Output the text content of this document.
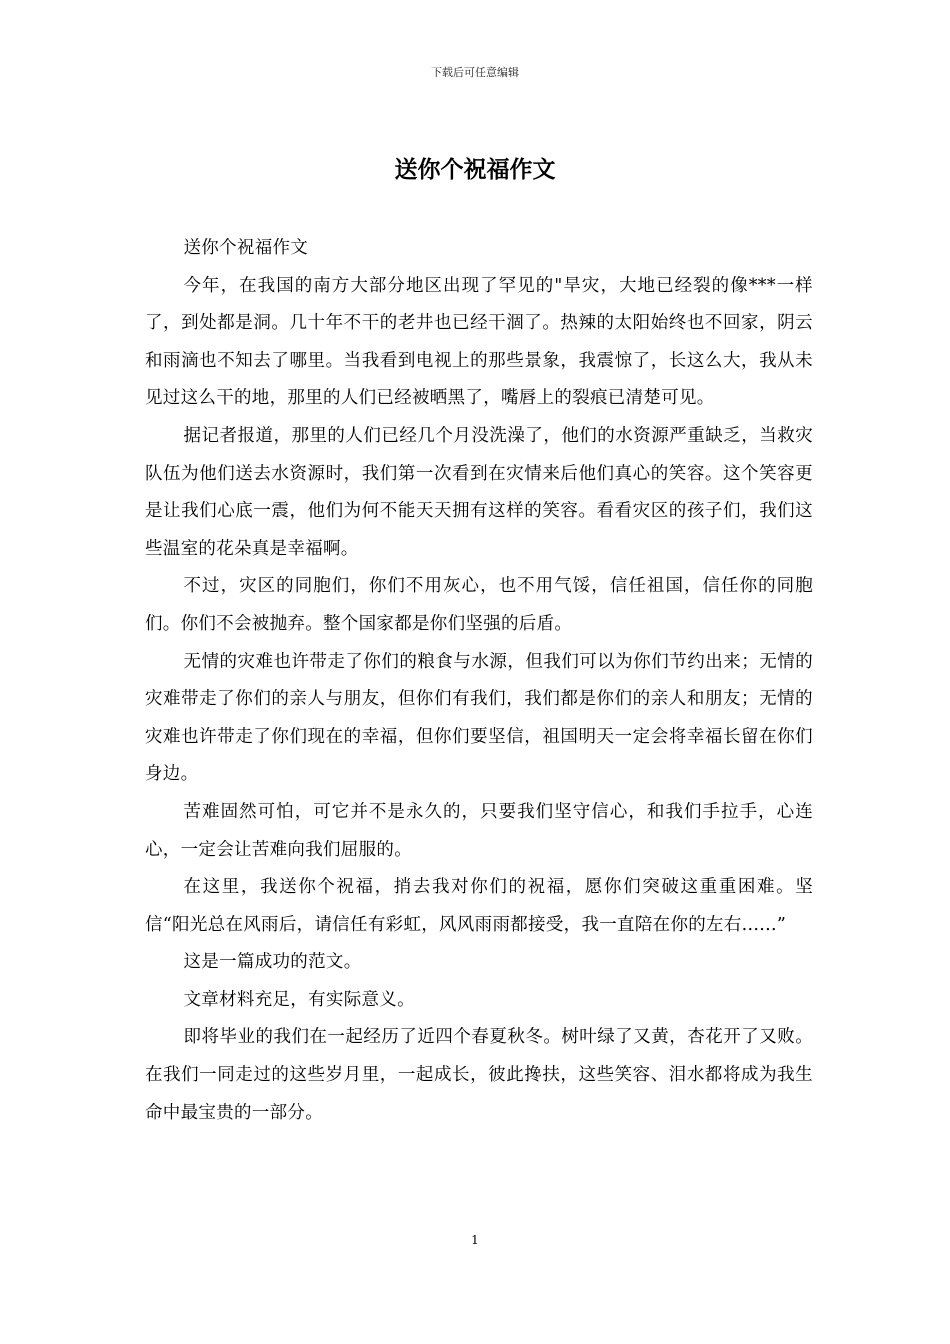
下载后可任意编辑
送你个祝福作文

送你个祝福作文

今年，在我国的南方大部分地区出现了罕见的"旱灾，大地已经裂的像***一样了，到处都是洞。几十年不干的老井也已经干涸了。热辣的太阳始终也不回家，阴云和雨滴也不知去了哪里。当我看到电视上的那些景象，我震惊了，长这么大，我从未见过这么干的地，那里的人们已经被晒黑了，嘴唇上的裂痕已清楚可见。

据记者报道，那里的人们已经几个月没洗澡了，他们的水资源严重缺乏，当救灾队伍为他们送去水资源时，我们第一次看到在灾情来后他们真心的笑容。这个笑容更是让我们心底一震，他们为何不能天天拥有这样的笑容。看看灾区的孩子们，我们这些温室的花朵真是幸福啊。

不过，灾区的同胞们，你们不用灰心，也不用气馁，信任祖国，信任你的同胞们。你们不会被抛弃。整个国家都是你们坚强的后盾。

无情的灾难也许带走了你们的粮食与水源，但我们可以为你们节约出来；无情的灾难带走了你们的亲人与朋友，但你们有我们，我们都是你们的亲人和朋友；无情的灾难也许带走了你们现在的幸福，但你们要坚信，祖国明天一定会将幸福长留在你们身边。

苦难固然可怕，可它并不是永久的，只要我们坚守信心，和我们手拉手，心连心，一定会让苦难向我们屈服的。

在这里，我送你个祝福，捎去我对你们的祝福，愿你们突破这重重困难。坚信“阳光总在风雨后，请信任有彩虹，风风雨雨都接受，我一直陪在你的左右......”

这是一篇成功的范文。

文章材料充足，有实际意义。

即将毕业的我们在一起经历了近四个春夏秋冬。树叶绿了又黄，杏花开了又败。在我们一同走过的这些岁月里，一起成长，彼此搀扶，这些笑容、泪水都将成为我生命中最宝贵的一部分。

1
